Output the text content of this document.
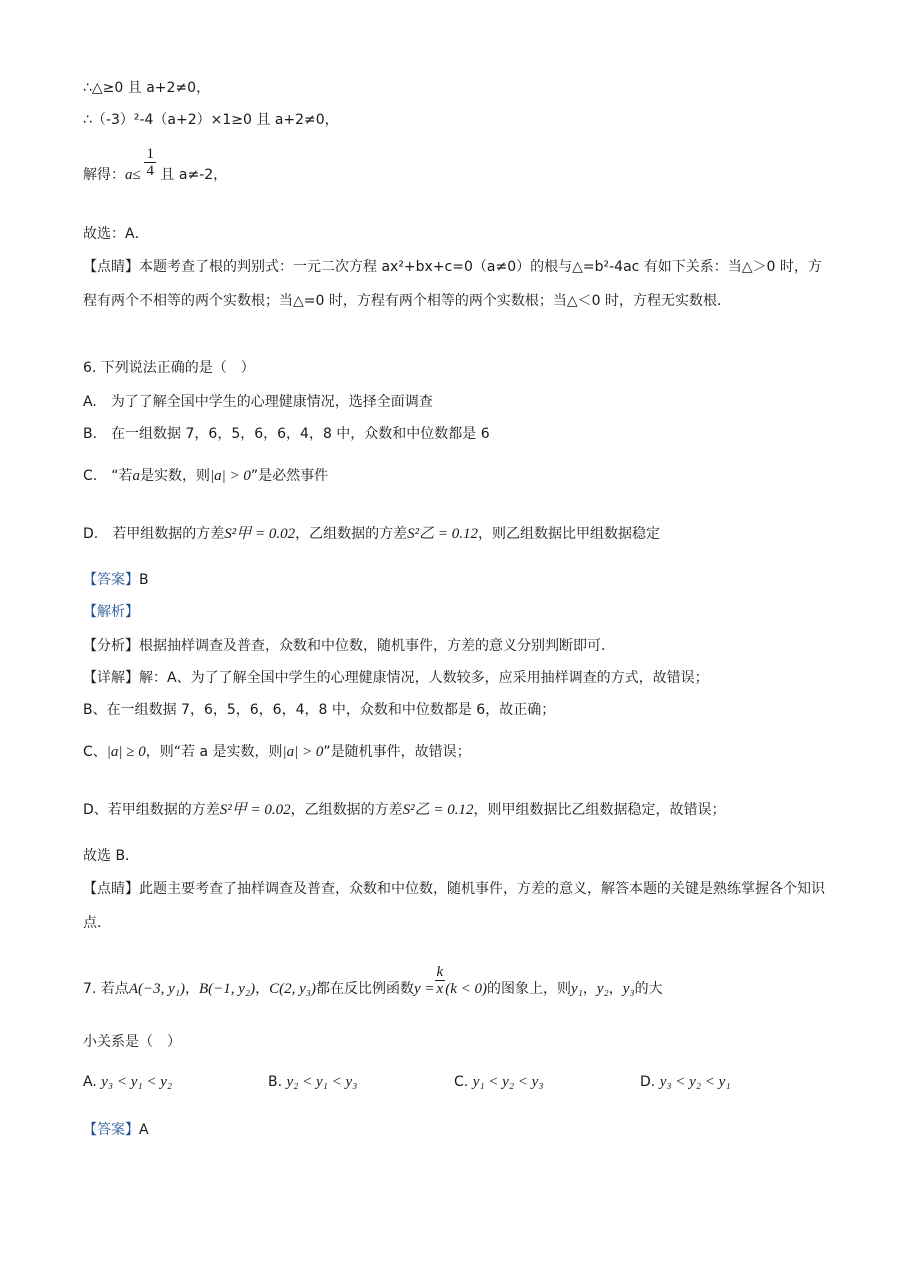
∴△≥0 且 a+2≠0，
∴（-3）²-4（a+2）×1≥0 且 a+2≠0，
解得：$a\le \frac{1}{4}$ 且 a≠-2，
故选：A．
【点睛】本题考查了根的判别式：一元二次方程 ax²+bx+c=0（a≠0）的根与△=b²-4ac 有如下关系：当△＞0 时，方程有两个不相等的两个实数根；当△=0 时，方程有两个相等的两个实数根；当△＜0 时，方程无实数根．
6. 下列说法正确的是（　）
A.　为了了解全国中学生的心理健康情况，选择全面调查
B.　在一组数据 7，6，5，6，6，4，8 中，众数和中位数都是 6
C.　“若a是实数，则|a| > 0”是必然事件
D.　若甲组数据的方差S²甲 = 0.02，乙组数据的方差S²乙 = 0.12，则乙组数据比甲组数据稳定
【答案】B
【解析】
【分析】根据抽样调查及普查，众数和中位数，随机事件，方差的意义分别判断即可．
【详解】解：A、为了了解全国中学生的心理健康情况，人数较多，应采用抽样调查的方式，故错误；
B、在一组数据 7，6，5，6，6，4，8 中，众数和中位数都是 6，故正确；
C、|a| ≥ 0，则“若 a 是实数，则|a| > 0”是随机事件，故错误；
D、若甲组数据的方差S²甲 = 0.02，乙组数据的方差S²乙 = 0.12，则甲组数据比乙组数据稳定，故错误；
故选 B．
【点睛】此题主要考查了抽样调查及普查，众数和中位数，随机事件，方差的意义，解答本题的关键是熟练掌握各个知识点．
7. 若点A(−3, y₁)，B(−1, y₂)，C(2, y₃)都在反比例函数$y = \frac{k}{x} (k < 0)$的图象上，则y₁，y₂，y₃的大
小关系是（　）
A. y₃ < y₁ < y₂	B. y₂ < y₁ < y₃	C. y₁ < y₂ < y₃	D. y₃ < y₂ < y₁
【答案】A
